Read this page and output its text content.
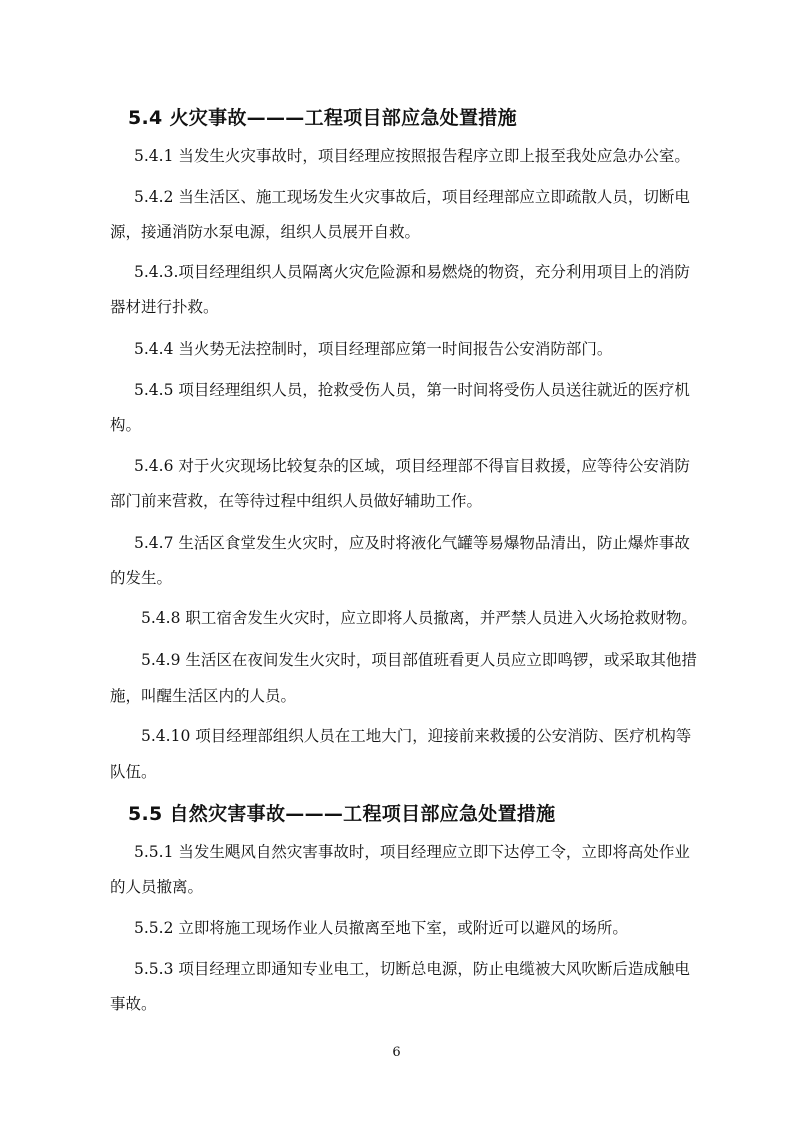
5.4 火灾事故———工程项目部应急处置措施

5.4.1 当发生火灾事故时，项目经理应按照报告程序立即上报至我处应急办公室。

5.4.2 当生活区、施工现场发生火灾事故后，项目经理部应立即疏散人员，切断电

源，接通消防水泵电源，组织人员展开自救。

5.4.3.项目经理组织人员隔离火灾危险源和易燃烧的物资，充分利用项目上的消防

器材进行扑救。

5.4.4 当火势无法控制时，项目经理部应第一时间报告公安消防部门。

5.4.5 项目经理组织人员，抢救受伤人员，第一时间将受伤人员送往就近的医疗机

构。

5.4.6 对于火灾现场比较复杂的区域，项目经理部不得盲目救援，应等待公安消防

部门前来营救，在等待过程中组织人员做好辅助工作。

5.4.7 生活区食堂发生火灾时，应及时将液化气罐等易爆物品清出，防止爆炸事故

的发生。

5.4.8 职工宿舍发生火灾时，应立即将人员撤离，并严禁人员进入火场抢救财物。

5.4.9 生活区在夜间发生火灾时，项目部值班看更人员应立即鸣锣，或采取其他措

施，叫醒生活区内的人员。

5.4.10 项目经理部组织人员在工地大门，迎接前来救援的公安消防、医疗机构等

队伍。

5.5 自然灾害事故———工程项目部应急处置措施

5.5.1 当发生飓风自然灾害事故时，项目经理应立即下达停工令，立即将高处作业

的人员撤离。

5.5.2 立即将施工现场作业人员撤离至地下室，或附近可以避风的场所。

5.5.3 项目经理立即通知专业电工，切断总电源，防止电缆被大风吹断后造成触电

事故。

6
